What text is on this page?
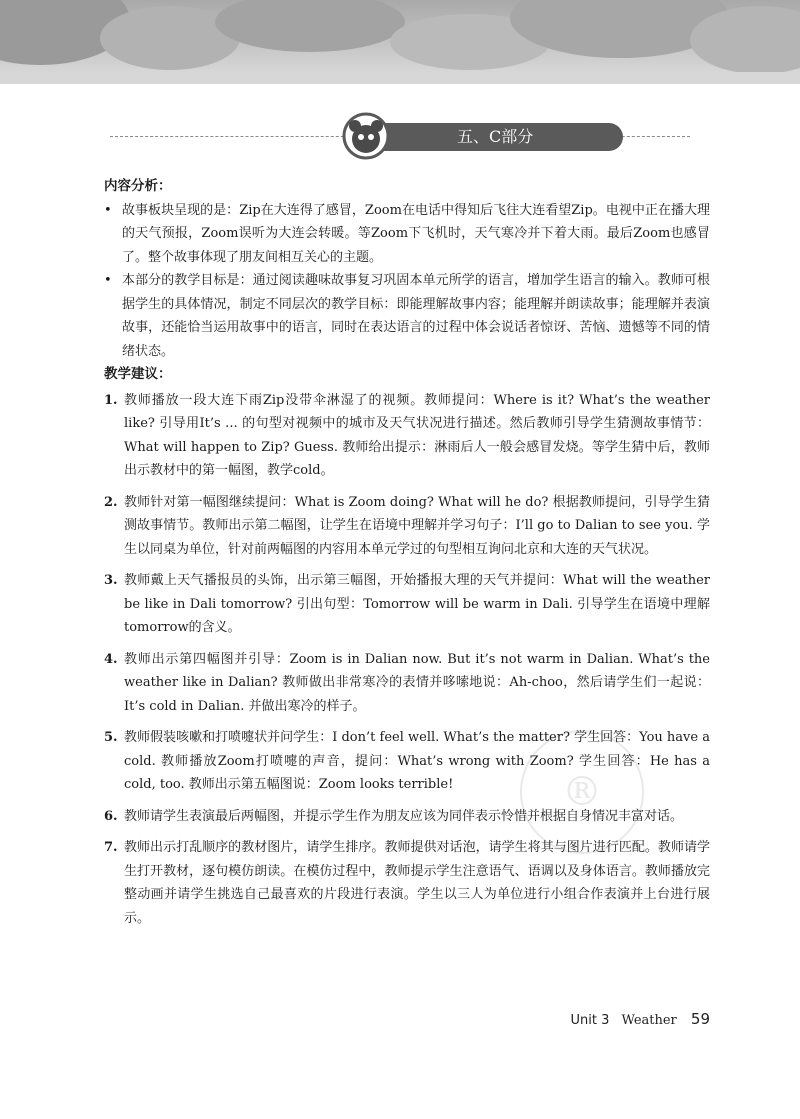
五、C部分
®

内容分析：

• 故事板块呈现的是：Zip在大连得了感冒，Zoom在电话中得知后飞往大连看望Zip。电视中正在播大理的天气预报，Zoom误听为大连会转暖。等Zoom下飞机时，天气寒冷并下着大雨。最后Zoom也感冒了。整个故事体现了朋友间相互关心的主题。

• 本部分的教学目标是：通过阅读趣味故事复习巩固本单元所学的语言，增加学生语言的输入。教师可根据学生的具体情况，制定不同层次的教学目标：即能理解故事内容；能理解并朗读故事；能理解并表演故事，还能恰当运用故事中的语言，同时在表达语言的过程中体会说话者惊讶、苦恼、遗憾等不同的情绪状态。

教学建议：

1. 教师播放一段大连下雨Zip没带伞淋湿了的视频。教师提问：Where is it? What’s the weather like? 引导用It’s ... 的句型对视频中的城市及天气状况进行描述。然后教师引导学生猜测故事情节：What will happen to Zip? Guess. 教师给出提示：淋雨后人一般会感冒发烧。等学生猜中后，教师出示教材中的第一幅图，教学cold。

2. 教师针对第一幅图继续提问：What is Zoom doing? What will he do? 根据教师提问，引导学生猜测故事情节。教师出示第二幅图，让学生在语境中理解并学习句子：I’ll go to Dalian to see you. 学生以同桌为单位，针对前两幅图的内容用本单元学过的句型相互询问北京和大连的天气状况。

3. 教师戴上天气播报员的头饰，出示第三幅图，开始播报大理的天气并提问：What will the weather be like in Dali tomorrow? 引出句型：Tomorrow will be warm in Dali. 引导学生在语境中理解tomorrow的含义。

4. 教师出示第四幅图并引导：Zoom is in Dalian now. But it’s not warm in Dalian. What’s the weather like in Dalian? 教师做出非常寒冷的表情并哆嗦地说：Ah-choo，然后请学生们一起说：It’s cold in Dalian. 并做出寒冷的样子。

5. 教师假装咳嗽和打喷嚏状并问学生：I don’t feel well. What’s the matter? 学生回答：You have a cold. 教师播放Zoom打喷嚏的声音，提问：What’s wrong with Zoom? 学生回答：He has a cold, too. 教师出示第五幅图说：Zoom looks terrible!

6. 教师请学生表演最后两幅图，并提示学生作为朋友应该为同伴表示怜惜并根据自身情况丰富对话。

7. 教师出示打乱顺序的教材图片，请学生排序。教师提供对话泡，请学生将其与图片进行匹配。教师请学生打开教材，逐句模仿朗读。在模仿过程中，教师提示学生注意语气、语调以及身体语言。教师播放完整动画并请学生挑选自己最喜欢的片段进行表演。学生以三人为单位进行小组合作表演并上台进行展示。

Unit 3 Weather 59
